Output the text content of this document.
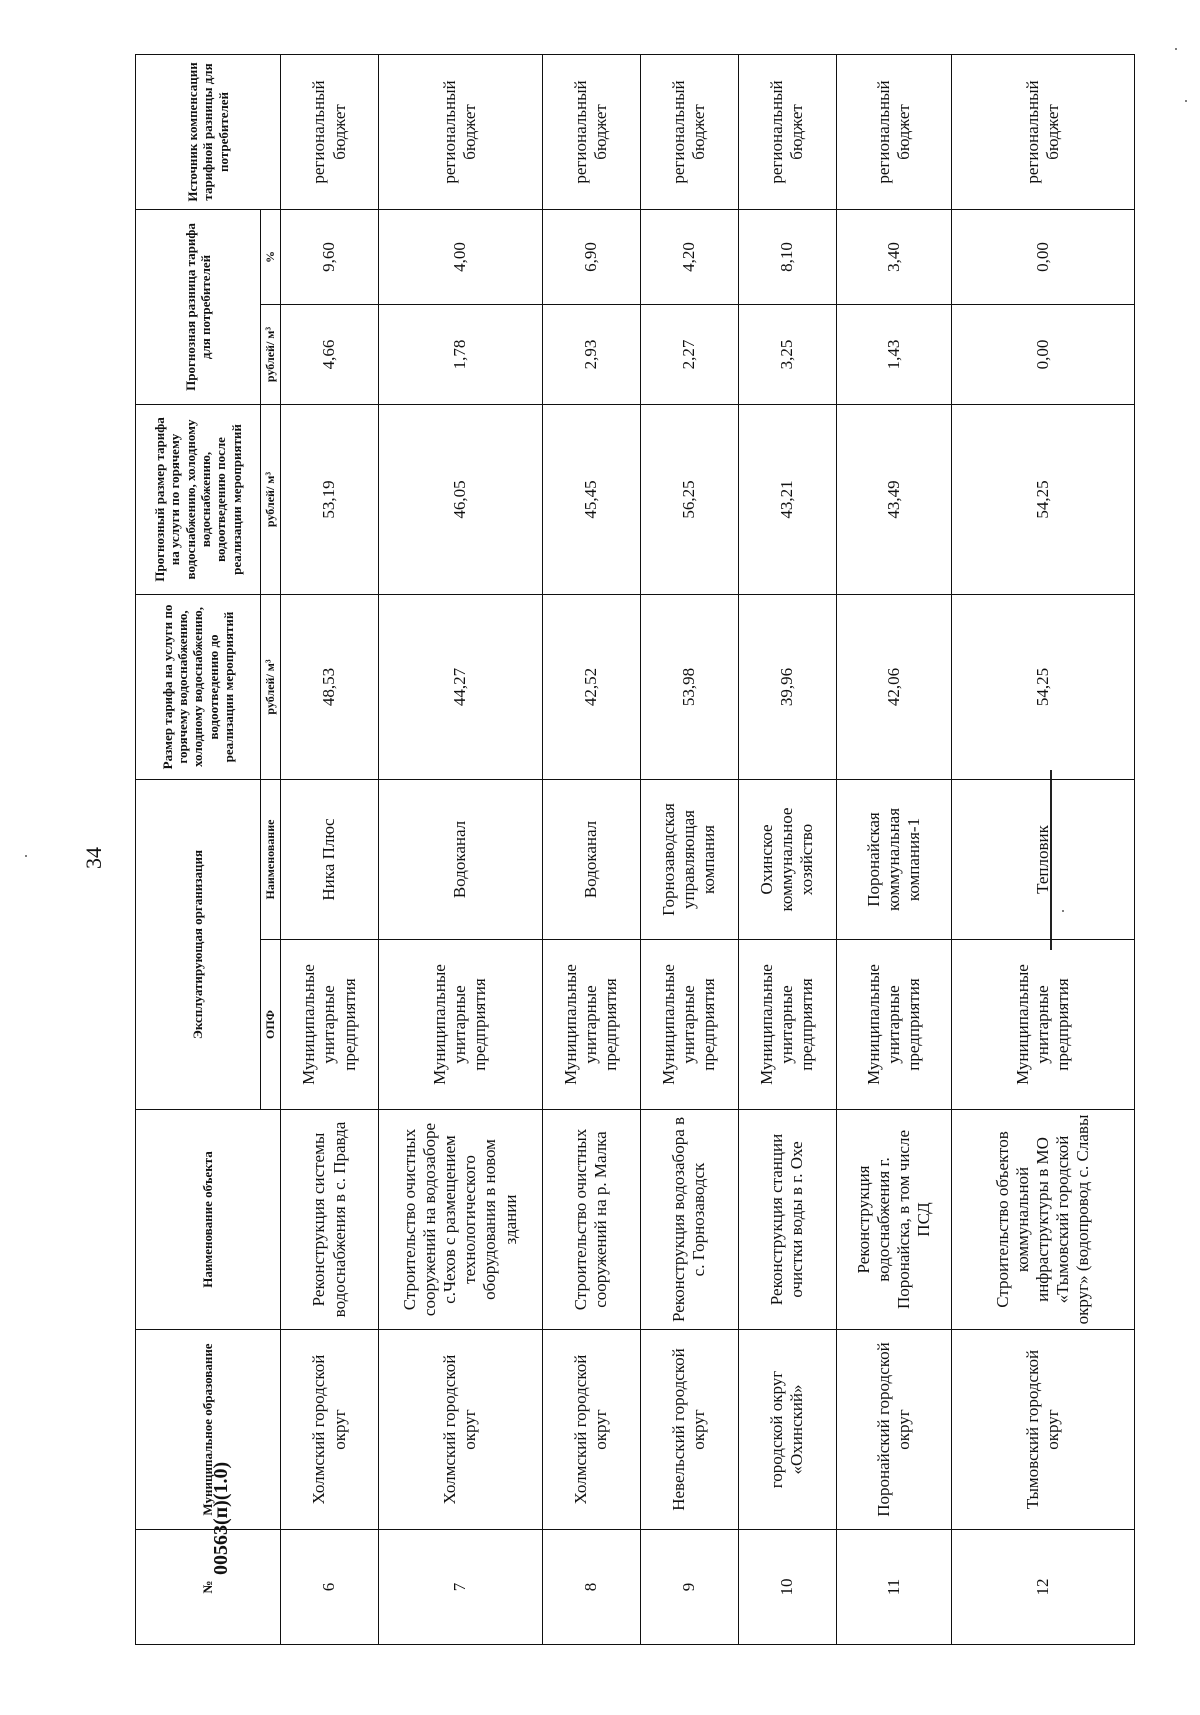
34
00563(п)(1.0)
№	Муниципальное образование	Наименование объекта	Эксплуатирующая организация		Размер тарифа на услуги по горячему водоснабжению, холодному водоснабжению, водоотведению до реализации мероприятий	Прогнозный размер тарифа на услуги по горячему водоснабжению, холодному водоснабжению, водоотведению после реализации мероприятий	Прогнозная разница тарифа для потребителей		Источник компенсации тарифной разницы для потребителей
			ОПФ	Наименование	рублей/ м³	рублей/ м³	рублей/ м³	%	
6	Холмский городской округ	Реконструкция системы водоснабжения в с. Правда	Муниципальные унитарные предприятия	Ника Плюс	48,53	53,19	4,66	9,60	региональный бюджет
7	Холмский городской округ	Строительство очистных сооружений на водозаборе с.Чехов с размещением технологического оборудования в новом здании	Муниципальные унитарные предприятия	Водоканал	44,27	46,05	1,78	4,00	региональный бюджет
8	Холмский городской округ	Строительство очистных сооружений на р. Малка	Муниципальные унитарные предприятия	Водоканал	42,52	45,45	2,93	6,90	региональный бюджет
9	Невельский городской округ	Реконструкция водозабора в с. Горнозаводск	Муниципальные унитарные предприятия	Горнозаводская управляющая компания	53,98	56,25	2,27	4,20	региональный бюджет
10	городской округ «Охинский»	Реконструкция станции очистки воды в г. Охе	Муниципальные унитарные предприятия	Охинское коммунальное хозяйство	39,96	43,21	3,25	8,10	региональный бюджет
11	Поронайский городской округ	Реконструкция водоснабжения г. Поронайска, в том числе ПСД	Муниципальные унитарные предприятия	Поронайская коммунальная компания-1	42,06	43,49	1,43	3,40	региональный бюджет
12	Тымовский городской округ	Строительство объектов коммунальной инфраструктуры в МО «Тымовский городской округ» (водопровод с. Славы	Муниципальные унитарные предприятия	Тепловик	54,25	54,25	0,00	0,00	региональный бюджет
